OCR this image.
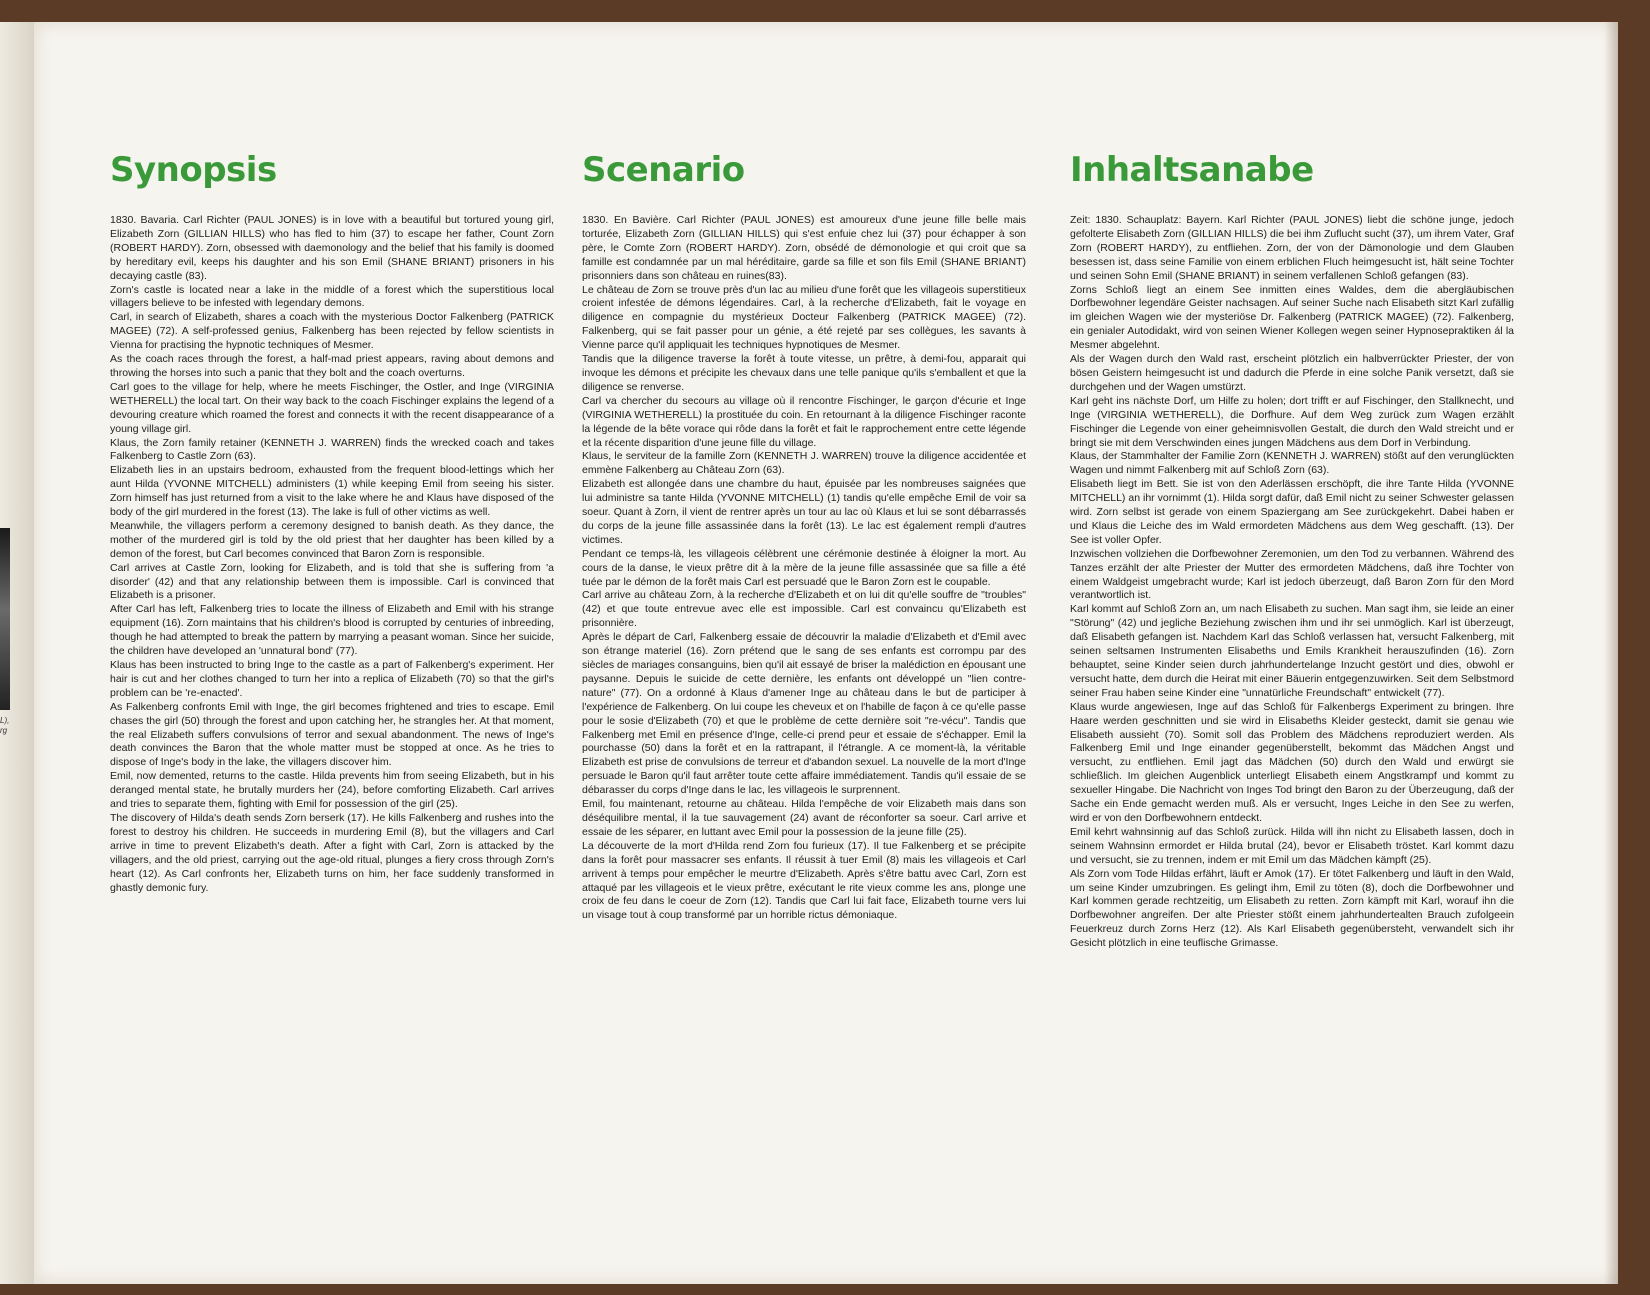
L),
rg
Synopsis

1830. Bavaria. Carl Richter (PAUL JONES) is in love with a beautiful but tortured young girl, Elizabeth Zorn (GILLIAN HILLS) who has fled to him (37) to escape her father, Count Zorn (ROBERT HARDY). Zorn, obsessed with daemonology and the belief that his family is doomed by hereditary evil, keeps his daughter and his son Emil (SHANE BRIANT) prisoners in his decaying castle (83).

Zorn's castle is located near a lake in the middle of a forest which the superstitious local villagers believe to be infested with legendary demons.

Carl, in search of Elizabeth, shares a coach with the mysterious Doctor Falkenberg (PATRICK MAGEE) (72). A self-professed genius, Falkenberg has been rejected by fellow scientists in Vienna for practising the hypnotic techniques of Mesmer.

As the coach races through the forest, a half-mad priest appears, raving about demons and throwing the horses into such a panic that they bolt and the coach overturns.

Carl goes to the village for help, where he meets Fischinger, the Ostler, and Inge (VIRGINIA WETHERELL) the local tart. On their way back to the coach Fischinger explains the legend of a devouring creature which roamed the forest and connects it with the recent disappearance of a young village girl.

Klaus, the Zorn family retainer (KENNETH J. WARREN) finds the wrecked coach and takes Falkenberg to Castle Zorn (63).

Elizabeth lies in an upstairs bedroom, exhausted from the frequent blood-lettings which her aunt Hilda (YVONNE MITCHELL) administers (1) while keeping Emil from seeing his sister. Zorn himself has just returned from a visit to the lake where he and Klaus have disposed of the body of the girl murdered in the forest (13). The lake is full of other victims as well.

Meanwhile, the villagers perform a ceremony designed to banish death. As they dance, the mother of the murdered girl is told by the old priest that her daughter has been killed by a demon of the forest, but Carl becomes convinced that Baron Zorn is responsible.

Carl arrives at Castle Zorn, looking for Elizabeth, and is told that she is suffering from 'a disorder' (42) and that any relationship between them is impossible. Carl is convinced that Elizabeth is a prisoner.

After Carl has left, Falkenberg tries to locate the illness of Elizabeth and Emil with his strange equipment (16). Zorn maintains that his children's blood is corrupted by centuries of inbreeding, though he had attempted to break the pattern by marrying a peasant woman. Since her suicide, the children have developed an 'unnatural bond' (77).

Klaus has been instructed to bring Inge to the castle as a part of Falkenberg's experiment. Her hair is cut and her clothes changed to turn her into a replica of Elizabeth (70) so that the girl's problem can be 're-enacted'.

As Falkenberg confronts Emil with Inge, the girl becomes frightened and tries to escape. Emil chases the girl (50) through the forest and upon catching her, he strangles her. At that moment, the real Elizabeth suffers convulsions of terror and sexual abandonment. The news of Inge's death convinces the Baron that the whole matter must be stopped at once. As he tries to dispose of Inge's body in the lake, the villagers discover him.

Emil, now demented, returns to the castle. Hilda prevents him from seeing Elizabeth, but in his deranged mental state, he brutally murders her (24), before comforting Elizabeth. Carl arrives and tries to separate them, fighting with Emil for possession of the girl (25).

The discovery of Hilda's death sends Zorn berserk (17). He kills Falkenberg and rushes into the forest to destroy his children. He succeeds in murdering Emil (8), but the villagers and Carl arrive in time to prevent Elizabeth's death. After a fight with Carl, Zorn is attacked by the villagers, and the old priest, carrying out the age-old ritual, plunges a fiery cross through Zorn's heart (12). As Carl confronts her, Elizabeth turns on him, her face suddenly transformed in ghastly demonic fury.

Scenario

1830. En Bavière. Carl Richter (PAUL JONES) est amoureux d'une jeune fille belle mais torturée, Elizabeth Zorn (GILLIAN HILLS) qui s'est enfuie chez lui (37) pour échapper à son père, le Comte Zorn (ROBERT HARDY). Zorn, obsédé de démonologie et qui croit que sa famille est condamnée par un mal héréditaire, garde sa fille et son fils Emil (SHANE BRIANT) prisonniers dans son château en ruines(83).

Le château de Zorn se trouve près d'un lac au milieu d'une forêt que les villageois superstitieux croient infestée de démons légendaires. Carl, à la recherche d'Elizabeth, fait le voyage en diligence en compagnie du mystérieux Docteur Falkenberg (PATRICK MAGEE) (72). Falkenberg, qui se fait passer pour un génie, a été rejeté par ses collègues, les savants à Vienne parce qu'il appliquait les techniques hypnotiques de Mesmer.

Tandis que la diligence traverse la forêt à toute vitesse, un prêtre, à demi-fou, apparait qui invoque les démons et précipite les chevaux dans une telle panique qu'ils s'emballent et que la diligence se renverse.

Carl va chercher du secours au village où il rencontre Fischinger, le garçon d'écurie et Inge (VIRGINIA WETHERELL) la prostituée du coin. En retournant à la diligence Fischinger raconte la légende de la bête vorace qui rôde dans la forêt et fait le rapprochement entre cette légende et la récente disparition d'une jeune fille du village.

Klaus, le serviteur de la famille Zorn (KENNETH J. WARREN) trouve la diligence accidentée et emmène Falkenberg au Château Zorn (63).

Elizabeth est allongée dans une chambre du haut, épuisée par les nombreuses saignées que lui administre sa tante Hilda (YVONNE MITCHELL) (1) tandis qu'elle empêche Emil de voir sa soeur. Quant à Zorn, il vient de rentrer après un tour au lac où Klaus et lui se sont débarrassés du corps de la jeune fille assassinée dans la forêt (13). Le lac est également rempli d'autres victimes.

Pendant ce temps-là, les villageois célèbrent une cérémonie destinée à éloigner la mort. Au cours de la danse, le vieux prêtre dit à la mère de la jeune fille assassinée que sa fille a été tuée par le démon de la forêt mais Carl est persuadé que le Baron Zorn est le coupable.

Carl arrive au château Zorn, à la recherche d'Elizabeth et on lui dit qu'elle souffre de "troubles" (42) et que toute entrevue avec elle est impossible. Carl est convaincu qu'Elizabeth est prisonnière.

Après le départ de Carl, Falkenberg essaie de découvrir la maladie d'Elizabeth et d'Emil avec son étrange materiel (16). Zorn prétend que le sang de ses enfants est corrompu par des siècles de mariages consanguins, bien qu'il ait essayé de briser la malédiction en épousant une paysanne. Depuis le suicide de cette dernière, les enfants ont développé un "lien contre-nature" (77). On a ordonné à Klaus d'amener Inge au château dans le but de participer à l'expérience de Falkenberg. On lui coupe les cheveux et on l'habille de façon à ce qu'elle passe pour le sosie d'Elizabeth (70) et que le problème de cette dernière soit "re-vécu". Tandis que Falkenberg met Emil en présence d'Inge, celle-ci prend peur et essaie de s'échapper. Emil la pourchasse (50) dans la forêt et en la rattrapant, il l'étrangle. A ce moment-là, la véritable Elizabeth est prise de convulsions de terreur et d'abandon sexuel. La nouvelle de la mort d'Inge persuade le Baron qu'il faut arrêter toute cette affaire immédiatement. Tandis qu'il essaie de se débarasser du corps d'Inge dans le lac, les villageois le surprennent.

Emil, fou maintenant, retourne au château. Hilda l'empêche de voir Elizabeth mais dans son déséquilibre mental, il la tue sauvagement (24) avant de réconforter sa soeur. Carl arrive et essaie de les séparer, en luttant avec Emil pour la possession de la jeune fille (25).

La découverte de la mort d'Hilda rend Zorn fou furieux (17). Il tue Falkenberg et se précipite dans la forêt pour massacrer ses enfants. Il réussit à tuer Emil (8) mais les villageois et Carl arrivent à temps pour empêcher le meurtre d'Elizabeth. Après s'être battu avec Carl, Zorn est attaqué par les villageois et le vieux prêtre, exécutant le rite vieux comme les ans, plonge une croix de feu dans le coeur de Zorn (12). Tandis que Carl lui fait face, Elizabeth tourne vers lui un visage tout à coup transformé par un horrible rictus démoniaque.

Inhaltsanabe

Zeit: 1830. Schauplatz: Bayern. Karl Richter (PAUL JONES) liebt die schöne junge, jedoch gefolterte Elisabeth Zorn (GILLIAN HILLS) die bei ihm Zuflucht sucht (37), um ihrem Vater, Graf Zorn (ROBERT HARDY), zu entfliehen. Zorn, der von der Dämonologie und dem Glauben besessen ist, dass seine Familie von einem erblichen Fluch heimgesucht ist, hält seine Tochter und seinen Sohn Emil (SHANE BRIANT) in seinem verfallenen Schloß gefangen (83).

Zorns Schloß liegt an einem See inmitten eines Waldes, dem die abergläubischen Dorfbewohner legendäre Geister nachsagen. Auf seiner Suche nach Elisabeth sitzt Karl zufällig im gleichen Wagen wie der mysteriöse Dr. Falkenberg (PATRICK MAGEE) (72). Falkenberg, ein genialer Autodidakt, wird von seinen Wiener Kollegen wegen seiner Hypnosepraktiken ál la Mesmer abgelehnt.

Als der Wagen durch den Wald rast, erscheint plötzlich ein halbverrückter Priester, der von bösen Geistern heimgesucht ist und dadurch die Pferde in eine solche Panik versetzt, daß sie durchgehen und der Wagen umstürzt.

Karl geht ins nächste Dorf, um Hilfe zu holen; dort trifft er auf Fischinger, den Stallknecht, und Inge (VIRGINIA WETHERELL), die Dorfhure. Auf dem Weg zurück zum Wagen erzählt Fischinger die Legende von einer geheimnisvollen Gestalt, die durch den Wald streicht und er bringt sie mit dem Verschwinden eines jungen Mädchens aus dem Dorf in Verbindung.

Klaus, der Stammhalter der Familie Zorn (KENNETH J. WARREN) stößt auf den verunglückten Wagen und nimmt Falkenberg mit auf Schloß Zorn (63).

Elisabeth liegt im Bett. Sie ist von den Aderlässen erschöpft, die ihre Tante Hilda (YVONNE MITCHELL) an ihr vornimmt (1). Hilda sorgt dafür, daß Emil nicht zu seiner Schwester gelassen wird. Zorn selbst ist gerade von einem Spaziergang am See zurückgekehrt. Dabei haben er und Klaus die Leiche des im Wald ermordeten Mädchens aus dem Weg geschafft. (13). Der See ist voller Opfer.

Inzwischen vollziehen die Dorfbewohner Zeremonien, um den Tod zu verbannen. Während des Tanzes erzählt der alte Priester der Mutter des ermordeten Mädchens, daß ihre Tochter von einem Waldgeist umgebracht wurde; Karl ist jedoch überzeugt, daß Baron Zorn für den Mord verantwortlich ist.

Karl kommt auf Schloß Zorn an, um nach Elisabeth zu suchen. Man sagt ihm, sie leide an einer "Störung" (42) und jegliche Beziehung zwischen ihm und ihr sei unmöglich. Karl ist überzeugt, daß Elisabeth gefangen ist. Nachdem Karl das Schloß verlassen hat, versucht Falkenberg, mit seinen seltsamen Instrumenten Elisabeths und Emils Krankheit herauszufinden (16). Zorn behauptet, seine Kinder seien durch jahrhundertelange Inzucht gestört und dies, obwohl er versucht hatte, dem durch die Heirat mit einer Bäuerin entgegenzuwirken. Seit dem Selbstmord seiner Frau haben seine Kinder eine "unnatürliche Freundschaft" entwickelt (77).

Klaus wurde angewiesen, Inge auf das Schloß für Falkenbergs Experiment zu bringen. Ihre Haare werden geschnitten und sie wird in Elisabeths Kleider gesteckt, damit sie genau wie Elisabeth aussieht (70). Somit soll das Problem des Mädchens reproduziert werden. Als Falkenberg Emil und Inge einander gegenüberstellt, bekommt das Mädchen Angst und versucht, zu entfliehen. Emil jagt das Mädchen (50) durch den Wald und erwürgt sie schließlich. Im gleichen Augenblick unterliegt Elisabeth einem Angstkrampf und kommt zu sexueller Hingabe. Die Nachricht von Inges Tod bringt den Baron zu der Überzeugung, daß der Sache ein Ende gemacht werden muß. Als er versucht, Inges Leiche in den See zu werfen, wird er von den Dorfbewohnern entdeckt.

Emil kehrt wahnsinnig auf das Schloß zurück. Hilda will ihn nicht zu Elisabeth lassen, doch in seinem Wahnsinn ermordet er Hilda brutal (24), bevor er Elisabeth tröstet. Karl kommt dazu und versucht, sie zu trennen, indem er mit Emil um das Mädchen kämpft (25).

Als Zorn vom Tode Hildas erfährt, läuft er Amok (17). Er tötet Falkenberg und läuft in den Wald, um seine Kinder umzubringen. Es gelingt ihm, Emil zu töten (8), doch die Dorfbewohner und Karl kommen gerade rechtzeitig, um Elisabeth zu retten. Zorn kämpft mit Karl, worauf ihn die Dorfbewohner angreifen. Der alte Priester stößt einem jahrhundertealten Brauch zufolgeein Feuerkreuz durch Zorns Herz (12). Als Karl Elisabeth gegenübersteht, verwandelt sich ihr Gesicht plötzlich in eine teuflische Grimasse.
